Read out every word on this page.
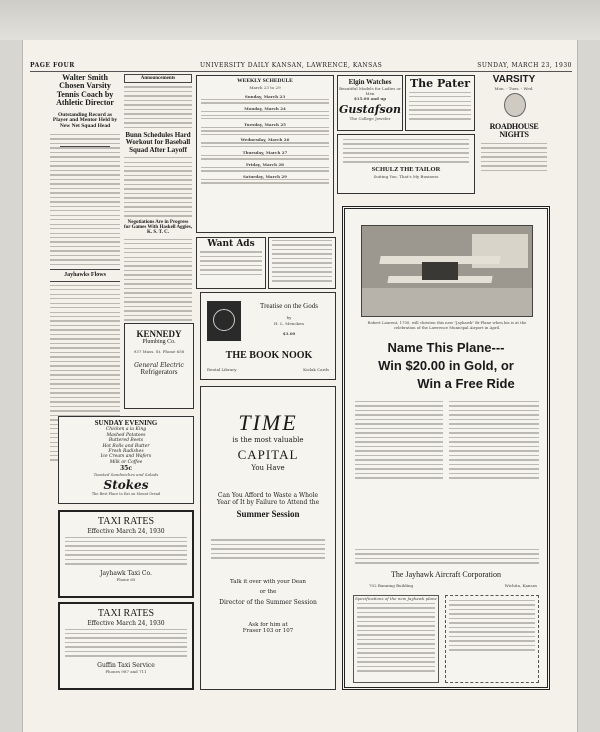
PAGE FOUR	UNIVERSITY DAILY KANSAN, LAWRENCE, KANSAS	SUNDAY, MARCH 23, 1930
Walter Smith Chosen Varsity Tennis Coach by Athletic Director
Outstanding Record as Player and Mentor Held by New Net Squad Head
Jayhawks Flows
Announcements
Bunn Schedules Hard Workout for Baseball Squad After Layoff
Negotiations Are in Progress for Games With Haskell Aggies, K. S. T. C.
WEEKLY SCHEDULE
March 23 to 29
Sunday, March 23
Monday, March 24
Tuesday, March 25
Wednesday, March 26
Thursday, March 27
Friday, March 28
Saturday, March 29
Elgin Watches
Beautiful Models for Ladies or Men
$15.00 and up
Gustafson
The College Jeweler
The Pater	VARSITY
Mon. - Tues. - Wed.
ROADHOUSE NIGHTS
SCHULZ THE TAILOR
Suiting You. That's My Business
Want Ads
Treatise on the Gods
by
H. L. Mencken
$3.00
THE BOOK NOOK
Rental Library	Kodak Cards
KENNEDY
Plumbing Co.
937 Mass. St. Phone 658
General Electric
Refrigerators
SUNDAY EVENING
Chicken a la King
Mashed Potatoes
Buttered Beets
Hot Rolls and Butter
Fresh Radishes
Ice Cream and Wafers
Milk or Coffee
35c
Toasted Sandwiches and Salads
Stokes
The Best Place to Eat on Mount Oread
TAXI RATES
Effective March 24, 1930
Jayhawk Taxi Co.
Phone 65
TAXI RATES
Effective March 24, 1930
Guffin Taxi Service
Phones 987 and 711
TIME
is the most valuable
CAPITAL
You Have
Can You Afford to Waste a Whole Year of It by Failure to Attend the
Summer Session
Talk it over with your Dean
or the
Director of the Summer Session
Ask for him at
Fraser 103 or 107
Robert Laurent, 1700, will christen this new "Jayhawk" Bi-Plane when his is at the celebration of the Lawrence Municipal Airport in April.
Name This Plane---
Win $20.00 in Gold, or
Win a Free Ride
The Jayhawk Aircraft Corporation
702 Banning Building	Wichita, Kansas
Specifications of the new Jayhawk plane
